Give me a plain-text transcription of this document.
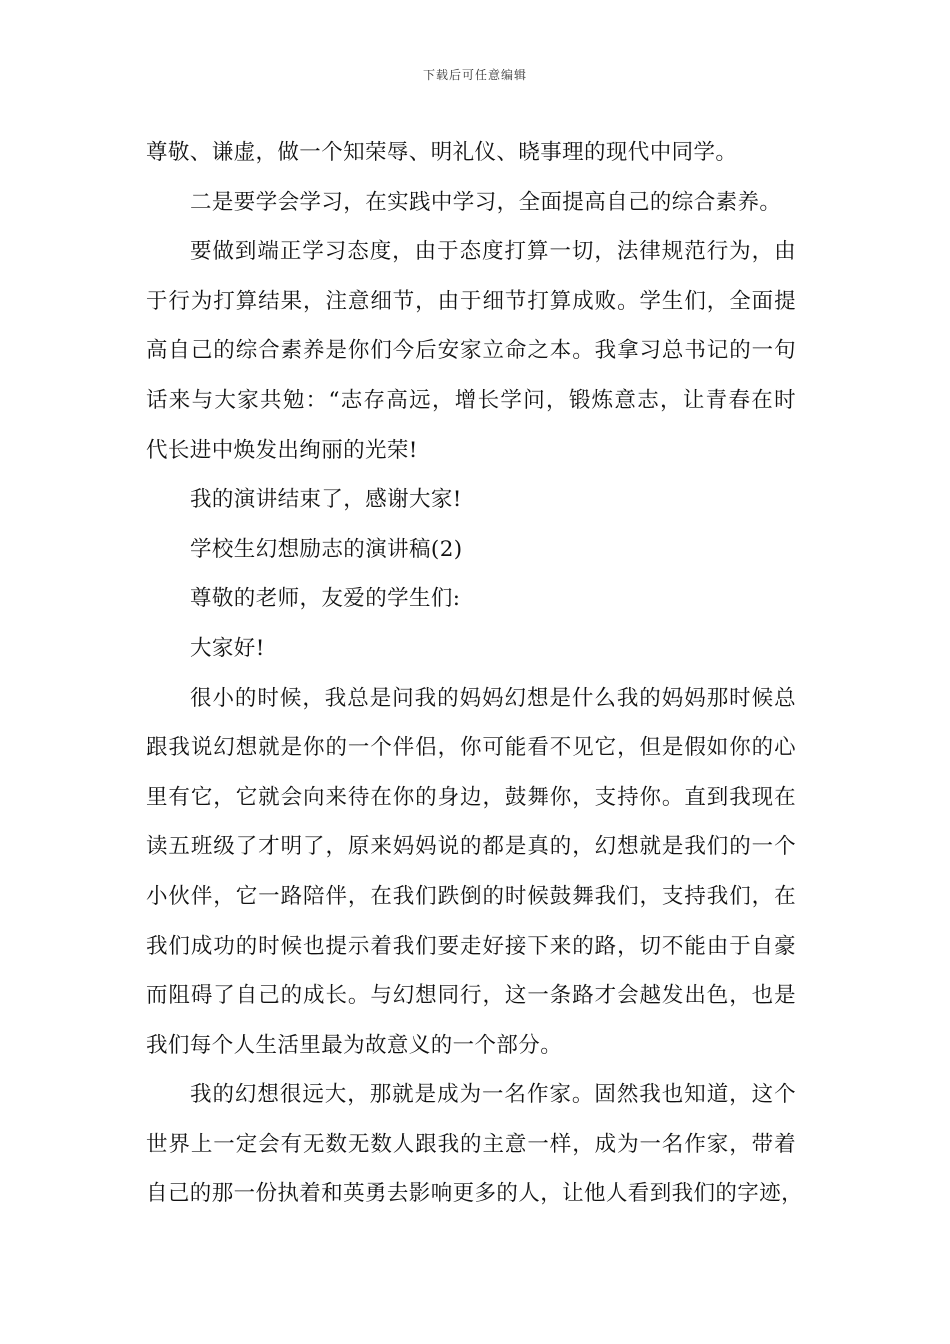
下载后可任意编辑
尊敬、谦虚，做一个知荣辱、明礼仪、晓事理的现代中同学。
二是要学会学习，在实践中学习，全面提高自己的综合素养。
要做到端正学习态度，由于态度打算一切，法律规范行为，由
于行为打算结果，注意细节，由于细节打算成败。学生们，全面提
高自己的综合素养是你们今后安家立命之本。我拿习总书记的一句
话来与大家共勉：“志存高远，增长学问，锻炼意志，让青春在时
代长进中焕发出绚丽的光荣!
我的演讲结束了，感谢大家!
学校生幻想励志的演讲稿(2)
尊敬的老师，友爱的学生们:
大家好!
很小的时候，我总是问我的妈妈幻想是什么我的妈妈那时候总
跟我说幻想就是你的一个伴侣，你可能看不见它，但是假如你的心
里有它，它就会向来待在你的身边，鼓舞你，支持你。直到我现在
读五班级了才明了，原来妈妈说的都是真的，幻想就是我们的一个
小伙伴，它一路陪伴，在我们跌倒的时候鼓舞我们，支持我们，在
我们成功的时候也提示着我们要走好接下来的路，切不能由于自豪
而阻碍了自己的成长。与幻想同行，这一条路才会越发出色，也是
我们每个人生活里最为故意义的一个部分。
我的幻想很远大，那就是成为一名作家。固然我也知道，这个
世界上一定会有无数无数人跟我的主意一样，成为一名作家，带着
自己的那一份执着和英勇去影响更多的人，让他人看到我们的字迹，
